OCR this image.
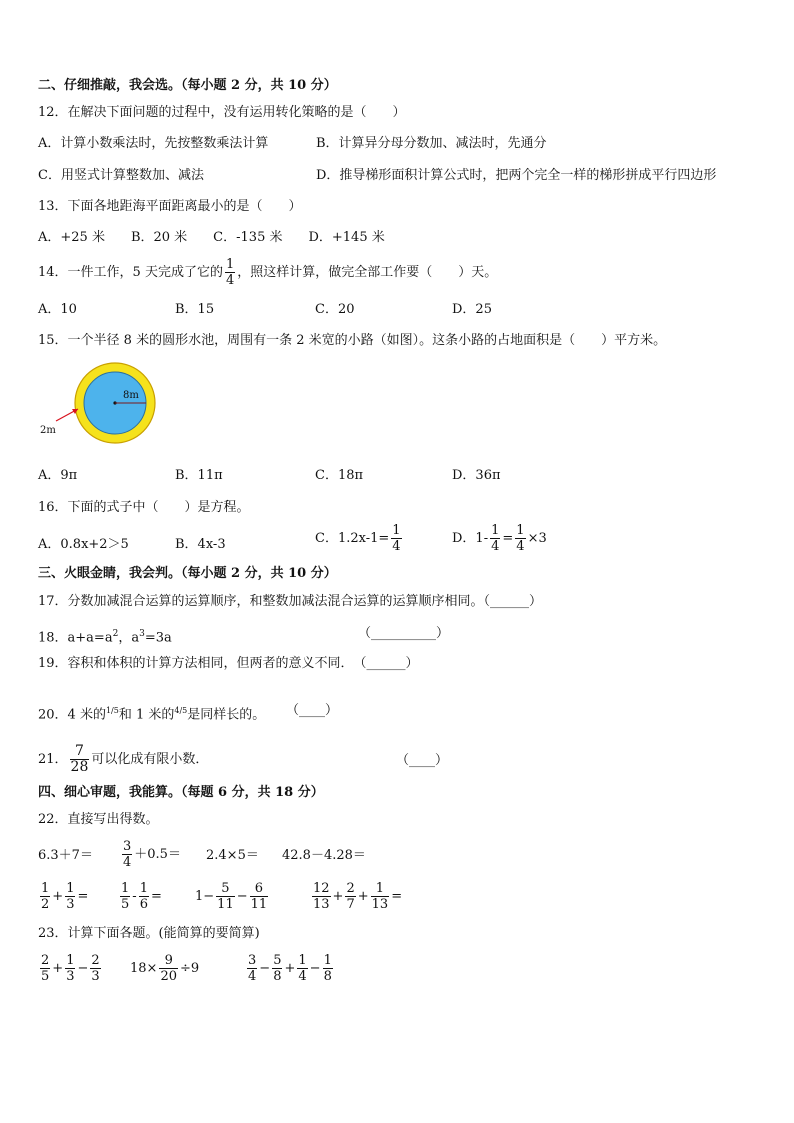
二、仔细推敲，我会选。（每小题 2 分，共 10 分）
12．在解决下面问题的过程中，没有运用转化策略的是（　　）
A．计算小数乘法时，先按整数乘法计算	B．计算异分母分数加、减法时，先通分
C．用竖式计算整数加、减法	D．推导梯形面积计算公式时，把两个完全一样的梯形拼成平行四边形
13．下面各地距海平面距离最小的是（　　）
A．+25 米　　B．20 米　　C．-135 米　　D．+145 米
14．一件工作，5 天完成了它的 $\frac{1}{4}$ ，照这样计算，做完全部工作要（　　）天。
A．10	B．15	C．20	D．25
15．一个半径 8 米的圆形水池，周围有一条 2 米宽的小路（如图）。这条小路的占地面积是（　　）平方米。
8m
2m
A．9π	B．11π	C．18π	D．36π
16．下面的式子中（　　）是方程。
A．0.8x+2＞5	B．4x-3	C．$1.2x-1= \frac{1}{4}$	D．$1- \frac{1}{4} = \frac{1}{4} \times 3$
三、火眼金睛，我会判。（每小题 2 分，共 10 分）
17．分数加减混合运算的运算顺序，和整数加减法混合运算的运算顺序相同。（______）
18．$a+a=a^2$，$a^3=3a$	（__________）
19．容积和体积的计算方法相同，但两者的意义不同．　（______）
20．4 米的$^{1/5}$和 1 米的$^{4/5}$是同样长的。 （____）
21． $\frac{7}{28}$ 可以化成有限小数．	（____）
四、细心审题，我能算。（每题 6 分，共 18 分）
22．直接写出得数。
$6.3+7= \frac{3}{4} +0.5= 2.4\times 5= 42.8-4.28=$
$\frac{1}{2} + \frac{1}{3} = \frac{1}{5} - \frac{1}{6}$ =	$1- \frac{5}{11} - \frac{6}{11}$	$\frac{12}{13} + \frac{2}{7} + \frac{1}{13}$ =
23．计算下面各题。(能简算的要简算)
$\frac{2}{5} + \frac{1}{3} - \frac{2}{3} 18\times \frac{9}{20} \div 9$	$\frac{3}{4} - \frac{5}{8} + \frac{1}{4} - \frac{1}{8}$
